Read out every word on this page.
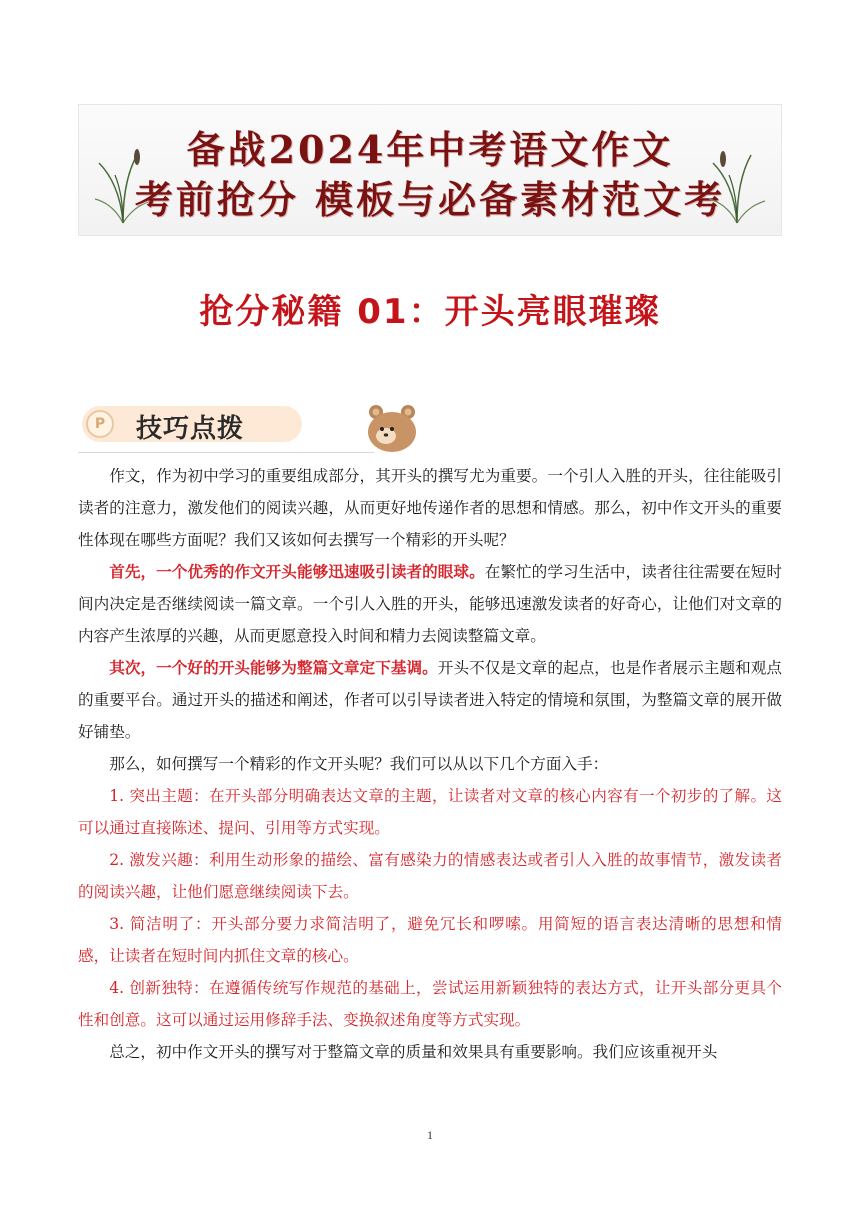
备战2024年中考语文作文
考前抢分 模板与必备素材范文考
抢分秘籍 01：开头亮眼璀璨
P	技巧点拨

作文，作为初中学习的重要组成部分，其开头的撰写尤为重要。一个引人入胜的开头，往往能吸引读者的注意力，激发他们的阅读兴趣，从而更好地传递作者的思想和情感。那么，初中作文开头的重要性体现在哪些方面呢？我们又该如何去撰写一个精彩的开头呢？

首先，一个优秀的作文开头能够迅速吸引读者的眼球。在繁忙的学习生活中，读者往往需要在短时间内决定是否继续阅读一篇文章。一个引人入胜的开头，能够迅速激发读者的好奇心，让他们对文章的内容产生浓厚的兴趣，从而更愿意投入时间和精力去阅读整篇文章。

其次，一个好的开头能够为整篇文章定下基调。开头不仅是文章的起点，也是作者展示主题和观点的重要平台。通过开头的描述和阐述，作者可以引导读者进入特定的情境和氛围，为整篇文章的展开做好铺垫。

那么，如何撰写一个精彩的作文开头呢？我们可以从以下几个方面入手：

1. 突出主题：在开头部分明确表达文章的主题，让读者对文章的核心内容有一个初步的了解。这可以通过直接陈述、提问、引用等方式实现。

2. 激发兴趣：利用生动形象的描绘、富有感染力的情感表达或者引人入胜的故事情节，激发读者的阅读兴趣，让他们愿意继续阅读下去。

3. 简洁明了：开头部分要力求简洁明了，避免冗长和啰嗦。用简短的语言表达清晰的思想和情感，让读者在短时间内抓住文章的核心。

4. 创新独特：在遵循传统写作规范的基础上，尝试运用新颖独特的表达方式，让开头部分更具个性和创意。这可以通过运用修辞手法、变换叙述角度等方式实现。

总之，初中作文开头的撰写对于整篇文章的质量和效果具有重要影响。我们应该重视开头

1
